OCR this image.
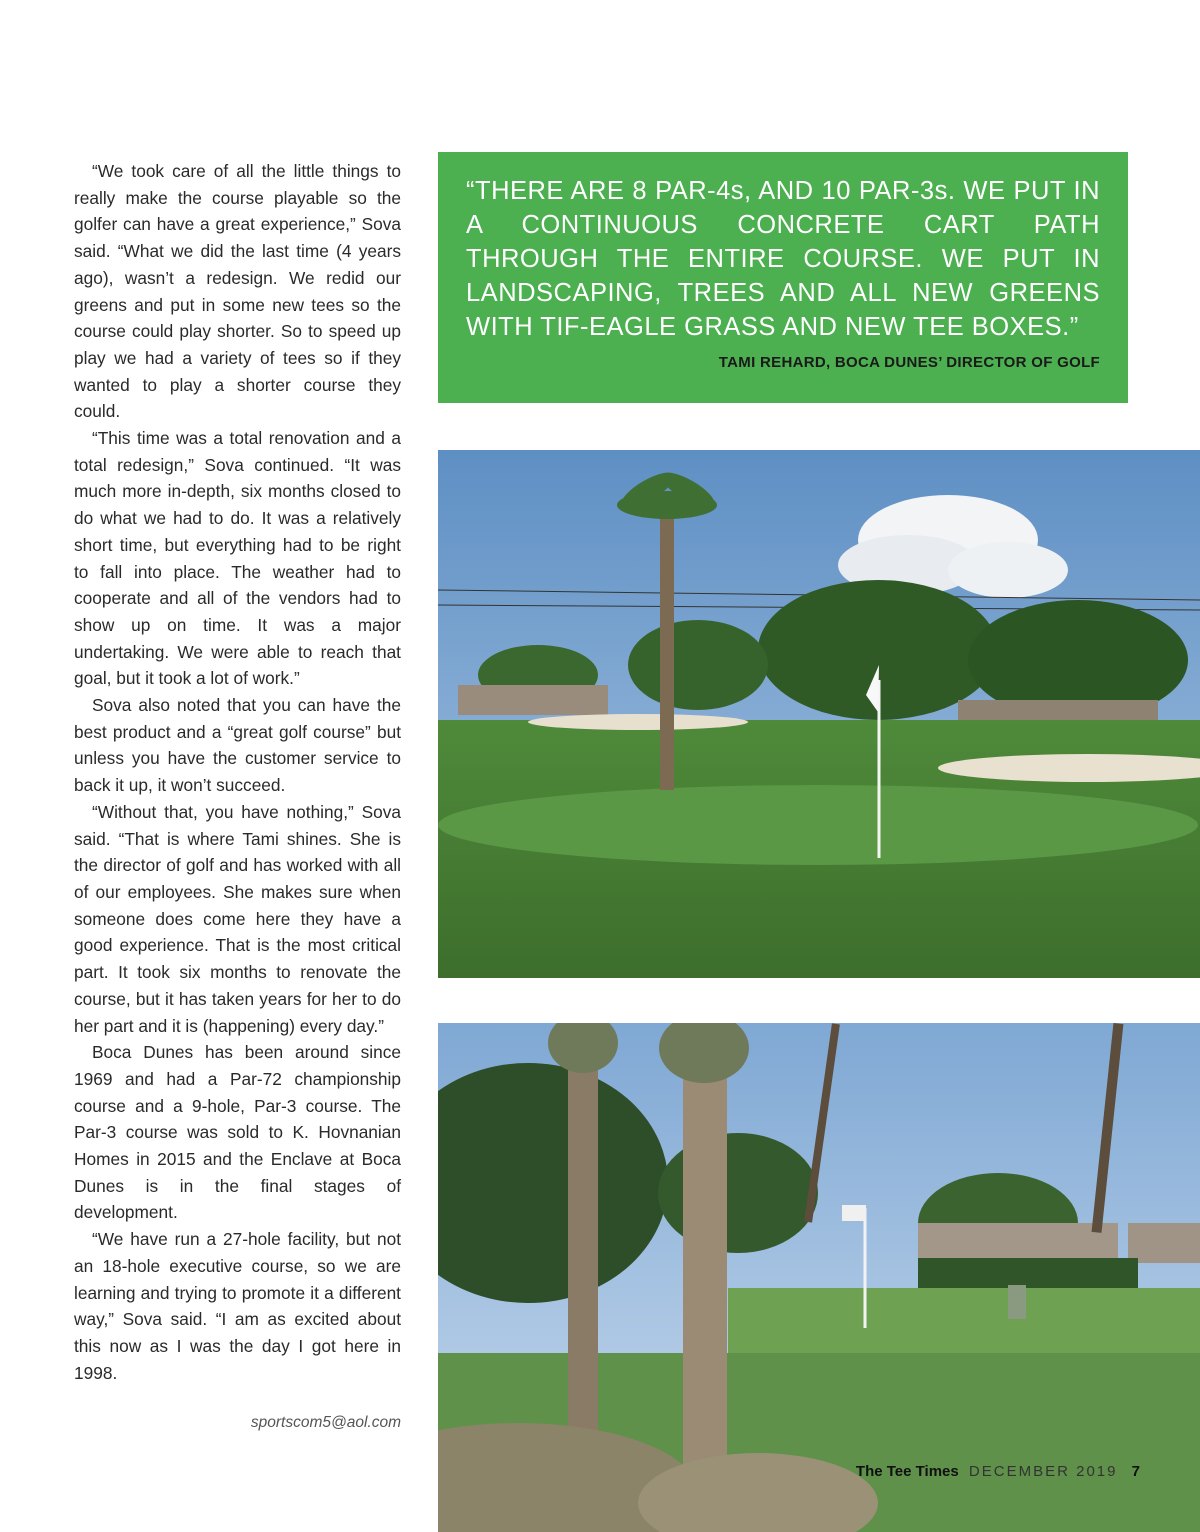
“We took care of all the little things to really make the course playable so the golfer can have a great experience,” Sova said. “What we did the last time (4 years ago), wasn’t a redesign. We redid our greens and put in some new tees so the course could play shorter. So to speed up play we had a variety of tees so if they wanted to play a shorter course they could.

“This time was a total renovation and a total redesign,” Sova continued. “It was much more in-depth, six months closed to do what we had to do. It was a relatively short time, but everything had to be right to fall into place. The weather had to cooperate and all of the vendors had to show up on time. It was a major undertaking. We were able to reach that goal, but it took a lot of work.”

Sova also noted that you can have the best product and a “great golf course” but unless you have the customer service to back it up, it won’t succeed.

“Without that, you have nothing,” Sova said. “That is where Tami shines. She is the director of golf and has worked with all of our employees. She makes sure when someone does come here they have a good experience. That is the most critical part. It took six months to renovate the course, but it has taken years for her to do her part and it is (happening) every day.”

Boca Dunes has been around since 1969 and had a Par-72 championship course and a 9-hole, Par-3 course. The Par-3 course was sold to K. Hovnanian Homes in 2015 and the Enclave at Boca Dunes is in the final stages of development.

“We have run a 27-hole facility, but not an 18-hole executive course, so we are learning and trying to promote it a different way,” Sova said. “I am as excited about this now as I was the day I got here in 1998.

sportscom5@aol.com
“THERE ARE 8 PAR-4s, AND 10 PAR-3s. WE PUT IN A CONTINUOUS CONCRETE CART PATH THROUGH THE ENTIRE COURSE. WE PUT IN LANDSCAPING, TREES AND ALL NEW GREENS WITH TIF-EAGLE GRASS AND NEW TEE BOXES.”
TAMI REHARD, BOCA DUNES’ DIRECTOR OF GOLF
The Tee Times DECEMBER 2019 7
